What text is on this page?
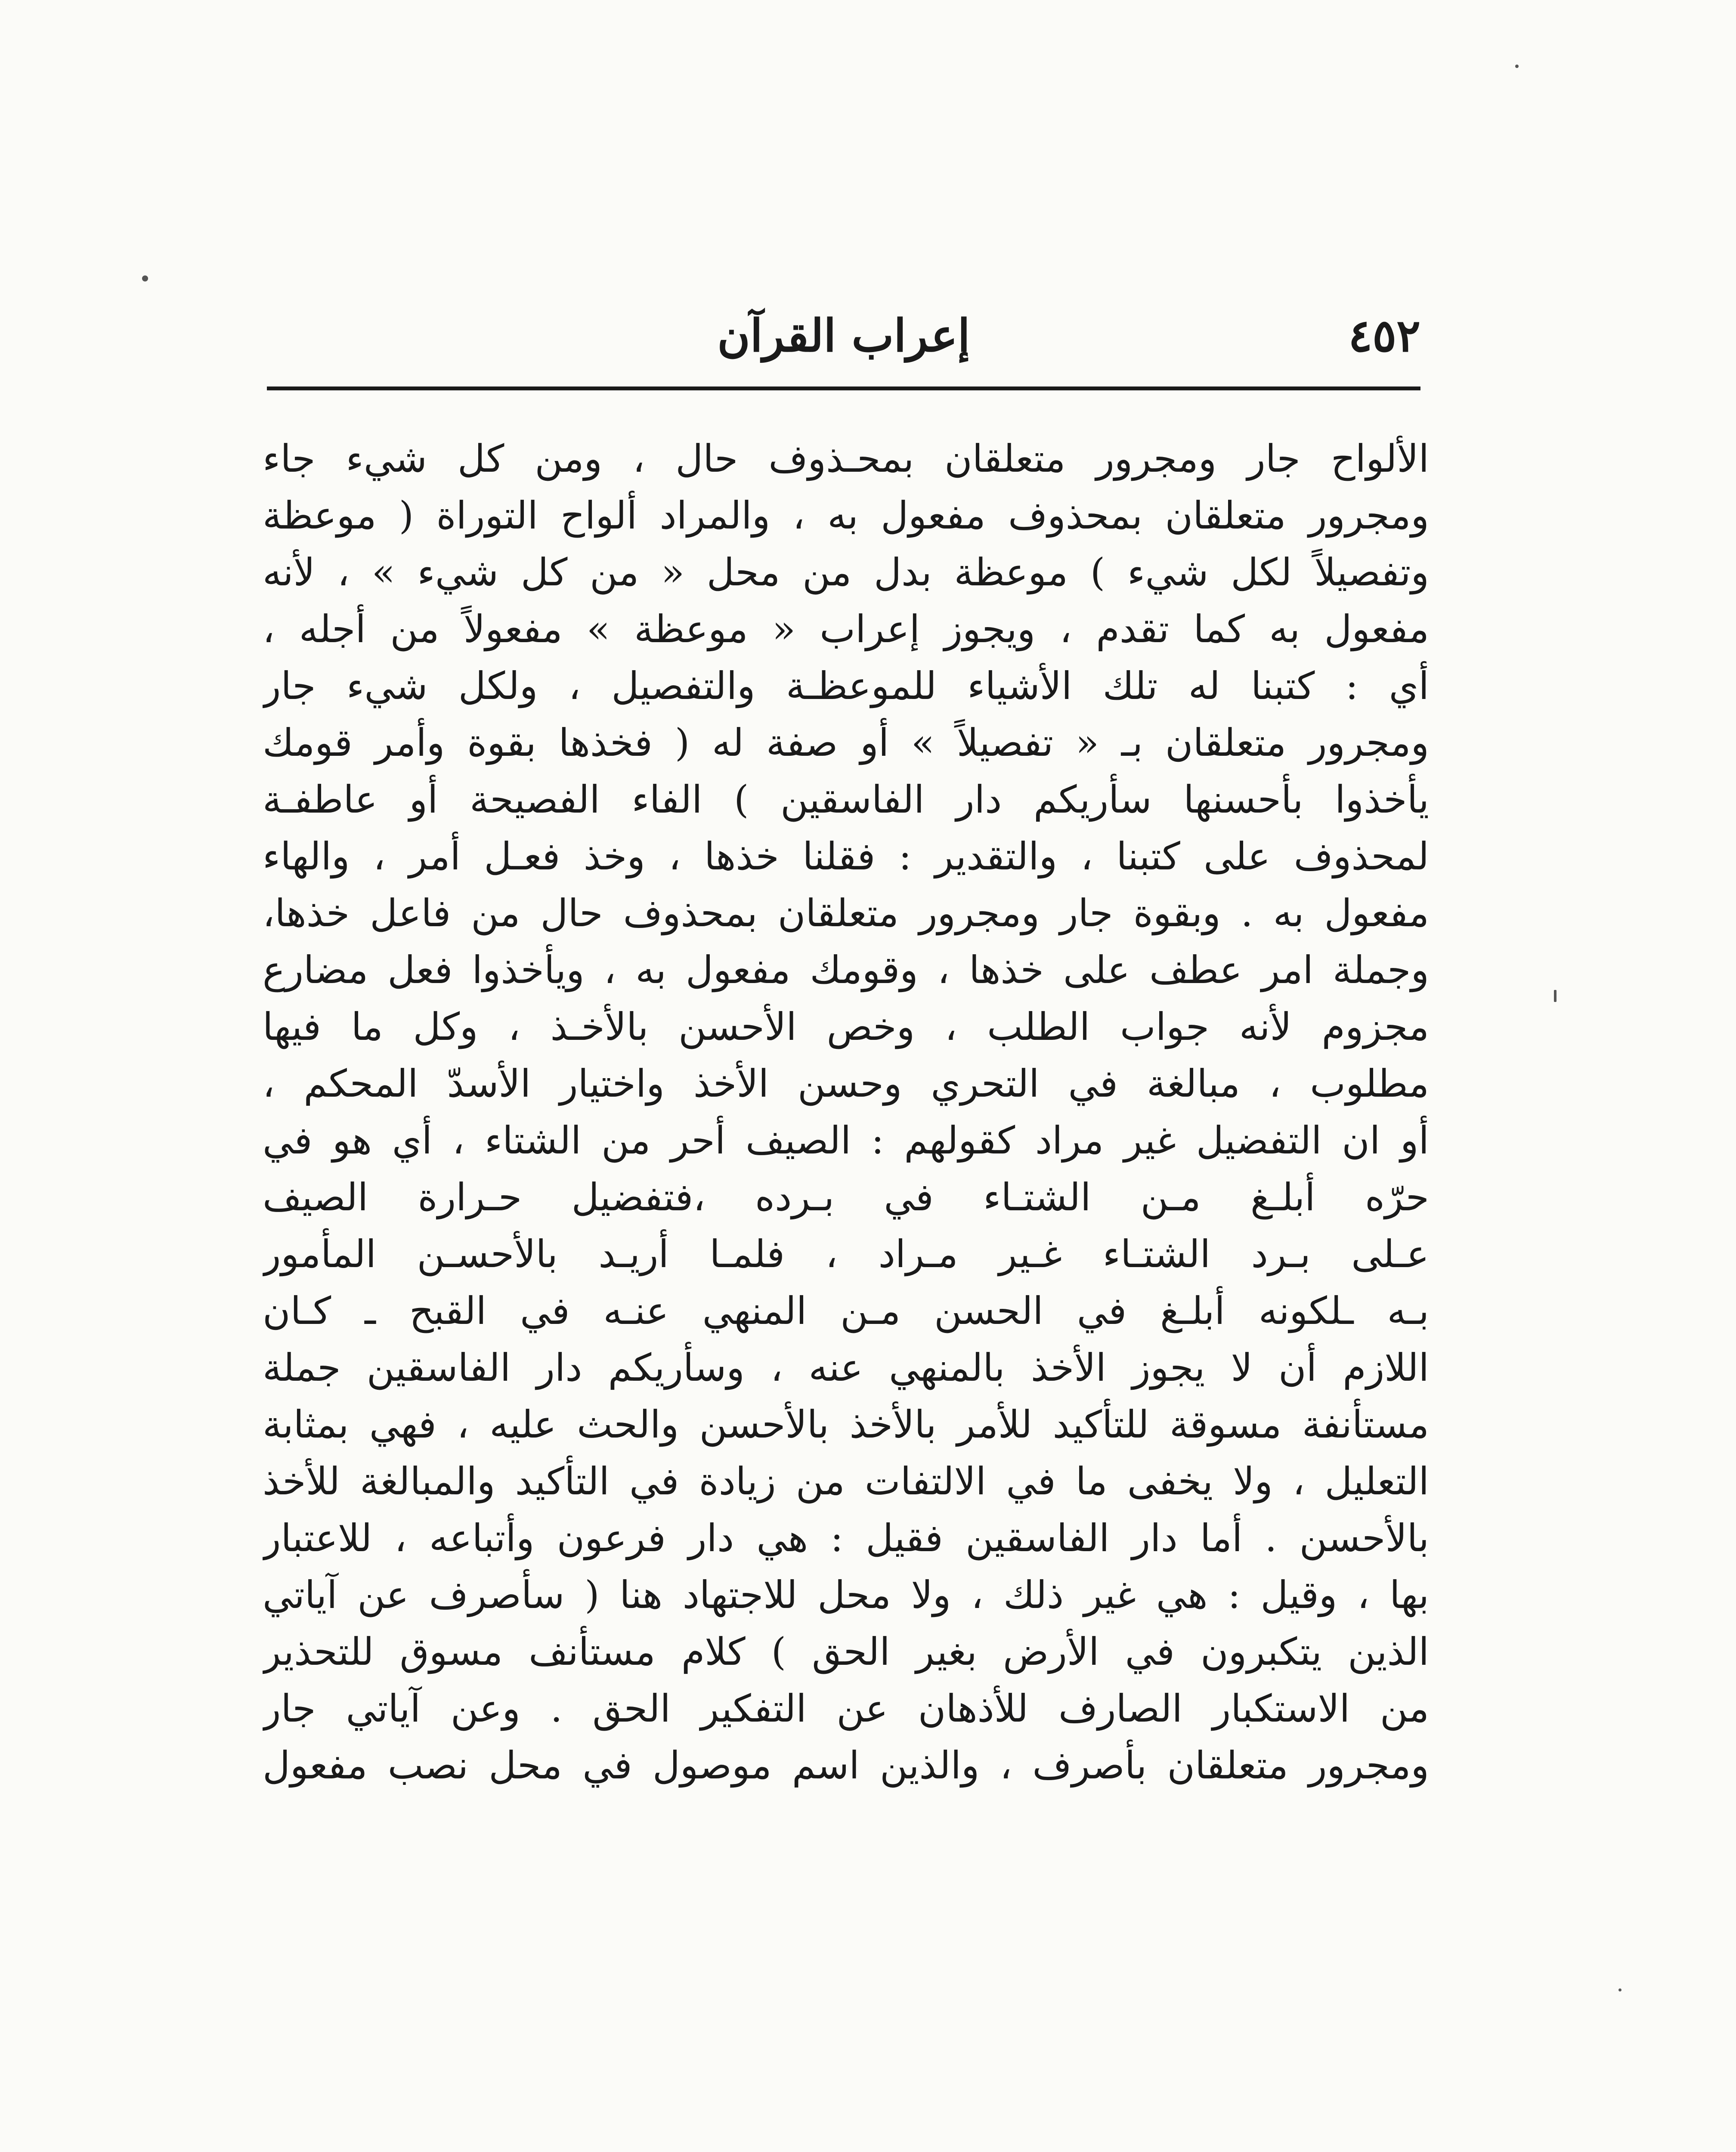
٤٥٢
إعراب القرآن
الألواح جار ومجرور متعلقان بمحـذوف حال ، ومن كل شيء جاء
ومجرور متعلقان بمحذوف مفعول به ، والمراد ألواح التوراة ( موعظة
وتفصيلاً لكل شيء ) موعظة بدل من محل « من كل شيء » ، لأنه
مفعول به كما تقدم ، ويجوز إعراب « موعظة » مفعولاً من أجله ،
أي : كتبنا له تلك الأشياء للموعظـة والتفصيل ، ولكل شيء جار
ومجرور متعلقان بـ « تفصيلاً » أو صفة له ( فخذها بقوة وأمر قومك
يأخذوا بأحسنها سأريكم دار الفاسقين ) الفاء الفصيحة أو عاطفـة
لمحذوف على كتبنا ، والتقدير : فقلنا خذها ، وخذ فعـل أمر ، والهاء
مفعول به . وبقوة جار ومجرور متعلقان بمحذوف حال من فاعل خذها،
وجملة امر عطف على خذها ، وقومك مفعول به ، ويأخذوا فعل مضارع
مجزوم لأنه جواب الطلب ، وخص الأحسن بالأخـذ ، وكل ما فيها
مطلوب ، مبالغة في التحري وحسن الأخذ واختيار الأسدّ المحكم ،
أو ان التفضيل غير مراد كقولهم : الصيف أحر من الشتاء ، أي هو في
حرّه أبلـغ مـن الشتـاء في بـرده ،فتفضيل حـرارة الصيف
عـلى بـرد الشتـاء غـير مـراد ، فلمـا أريـد بالأحسـن المأمور
بـه ـلكونه أبلـغ في الحسن مـن المنهي عنـه في القبح ـ كـان
اللازم أن لا يجوز الأخذ بالمنهي عنه ، وسأريكم دار الفاسقين جملة
مستأنفة مسوقة للتأكيد للأمر بالأخذ بالأحسن والحث عليه ، فهي بمثابة
التعليل ، ولا يخفى ما في الالتفات من زيادة في التأكيد والمبالغة للأخذ
بالأحسن . أما دار الفاسقين فقيل : هي دار فرعون وأتباعه ، للاعتبار
بها ، وقيل : هي غير ذلك ، ولا محل للاجتهاد هنا ( سأصرف عن آياتي
الذين يتكبرون في الأرض بغير الحق ) كلام مستأنف مسوق للتحذير
من الاستكبار الصارف للأذهان عن التفكير الحق . وعن آياتي جار
ومجرور متعلقان بأصرف ، والذين اسم موصول في محل نصب مفعول
